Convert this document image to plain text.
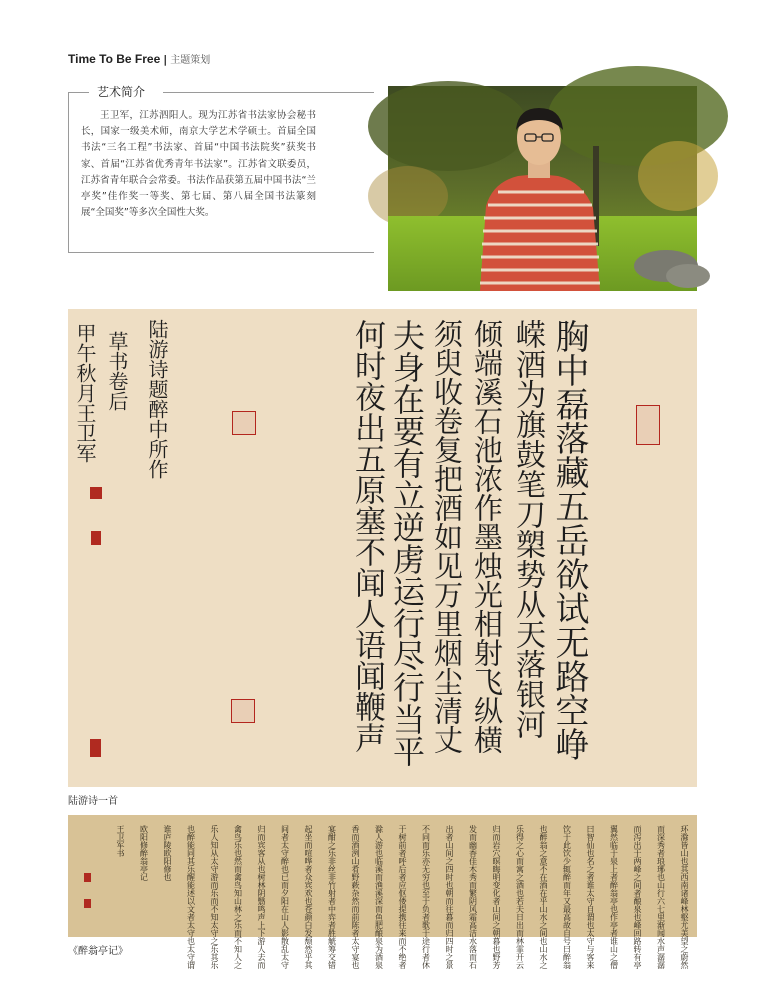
Time To Be Free | 主题策划
艺术简介
王卫军，江苏泗阳人。现为江苏省书法家协会秘书长，国家一级美术师，南京大学艺术学硕士。首届全国书法“三名工程”书法家、首届“中国书法院奖”获奖书家、首届“江苏省优秀青年书法家”。江苏省文联委员，江苏省青年联合会常委。书法作品获第五届中国书法“兰亭奖”佳作奖一等奖、第七届、第八届全国书法篆刻展“全国奖”等多次全国性大奖。
胸中磊落藏五岳欲试无路空峥
嵘酒为旗鼓笔刀槊势从天落银河
倾端溪石池浓作墨烛光相射飞纵横
须臾收卷复把酒如见万里烟尘清丈
夫身在要有立逆虏运行尽行当平
何时夜出五原塞不闻人语闻鞭声
陆游诗题醉中所作
草书卷后
甲午秋月王卫军
陆游诗一首
环滁皆山也其西南诸峰林壑尤美望之蔚然
而深秀者琅琊也山行六七里渐闻水声潺潺
而泻出于两峰之间者酿泉也峰回路转有亭
翼然临于泉上者醉翁亭也作亭者谁山之僧
曰智仙也名之者谁太守自谓也太守与客来
饮于此饮少辄醉而年又最高故自号曰醉翁
也醉翁之意不在酒在乎山水之间也山水之
乐得之心而寓之酒也若夫日出而林霏开云
归而岩穴暝晦明变化者山间之朝暮也野芳
发而幽香佳木秀而繁阴风霜高洁水落而石
出者山间之四时也朝而往暮而归四时之景
不同而乐亦无穷也至于负者歌于途行者休
于树前者呼后者应伛偻提携往来而不绝者
滁人游也临溪而渔溪深而鱼肥酿泉为酒泉
香而酒洌山肴野蔌杂然而前陈者太守宴也
宴酣之乐非丝非竹射者中弈者胜觥筹交错
起坐而喧哗者众宾欢也苍颜白发颓然乎其
间者太守醉也已而夕阳在山人影散乱太守
归而宾客从也树林阴翳鸣声上下游人去而
禽鸟乐也然而禽鸟知山林之乐而不知人之
乐人知从太守游而乐而不知太守之乐其乐
也醉能同其乐醒能述以文者太守也太守谓
谁庐陵欧阳修也
欧阳修醉翁亭记
王卫军书
《醉翁亭记》
